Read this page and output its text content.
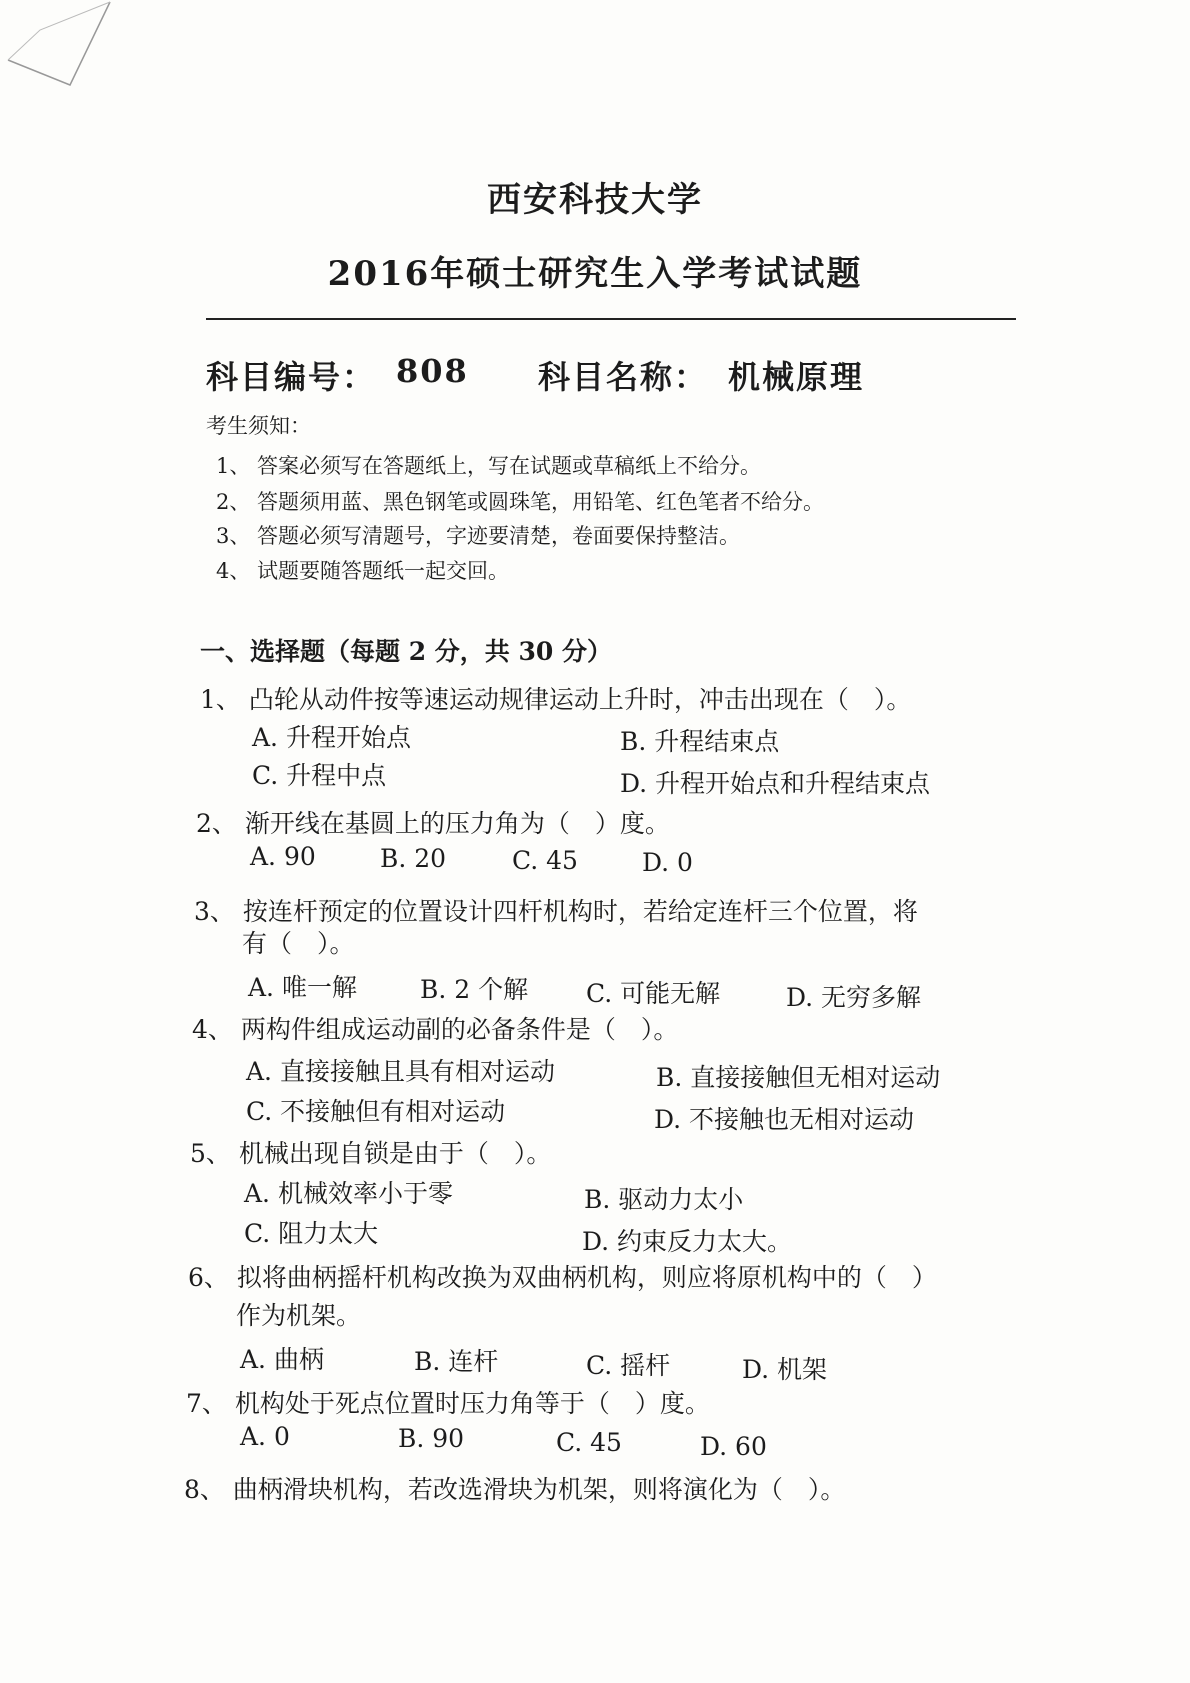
西安科技大学
2016年硕士研究生入学考试试题
科目编号： 808 科目名称： 机械原理
考生须知：
1、 答案必须写在答题纸上，写在试题或草稿纸上不给分。
2、 答题须用蓝、黑色钢笔或圆珠笔，用铅笔、红色笔者不给分。
3、 答题必须写清题号，字迹要清楚，卷面要保持整洁。
4、 试题要随答题纸一起交回。
一、选择题（每题 2 分，共 30 分）
1、 凸轮从动件按等速运动规律运动上升时，冲击出现在（　）。
A. 升程开始点	B. 升程结束点
C. 升程中点	D. 升程开始点和升程结束点
2、 渐开线在基圆上的压力角为（　）度。
A. 90	B. 20	C. 45	D. 0
3、 按连杆预定的位置设计四杆机构时，若给定连杆三个位置，将
有（　）。
A. 唯一解	B. 2 个解 C. 可能无解	D. 无穷多解
4、 两构件组成运动副的必备条件是（　）。
A. 直接接触且具有相对运动	B. 直接接触但无相对运动
C. 不接触但有相对运动	D. 不接触也无相对运动
5、 机械出现自锁是由于（　）。
A. 机械效率小于零	B. 驱动力太小
C. 阻力太大	D. 约束反力太大。
6、 拟将曲柄摇杆机构改换为双曲柄机构，则应将原机构中的（　）
作为机架。
A. 曲柄	B. 连杆	C. 摇杆	D. 机架
7、 机构处于死点位置时压力角等于（　）度。
A. 0	B. 90	C. 45	D. 60
8、 曲柄滑块机构，若改选滑块为机架，则将演化为（　）。
